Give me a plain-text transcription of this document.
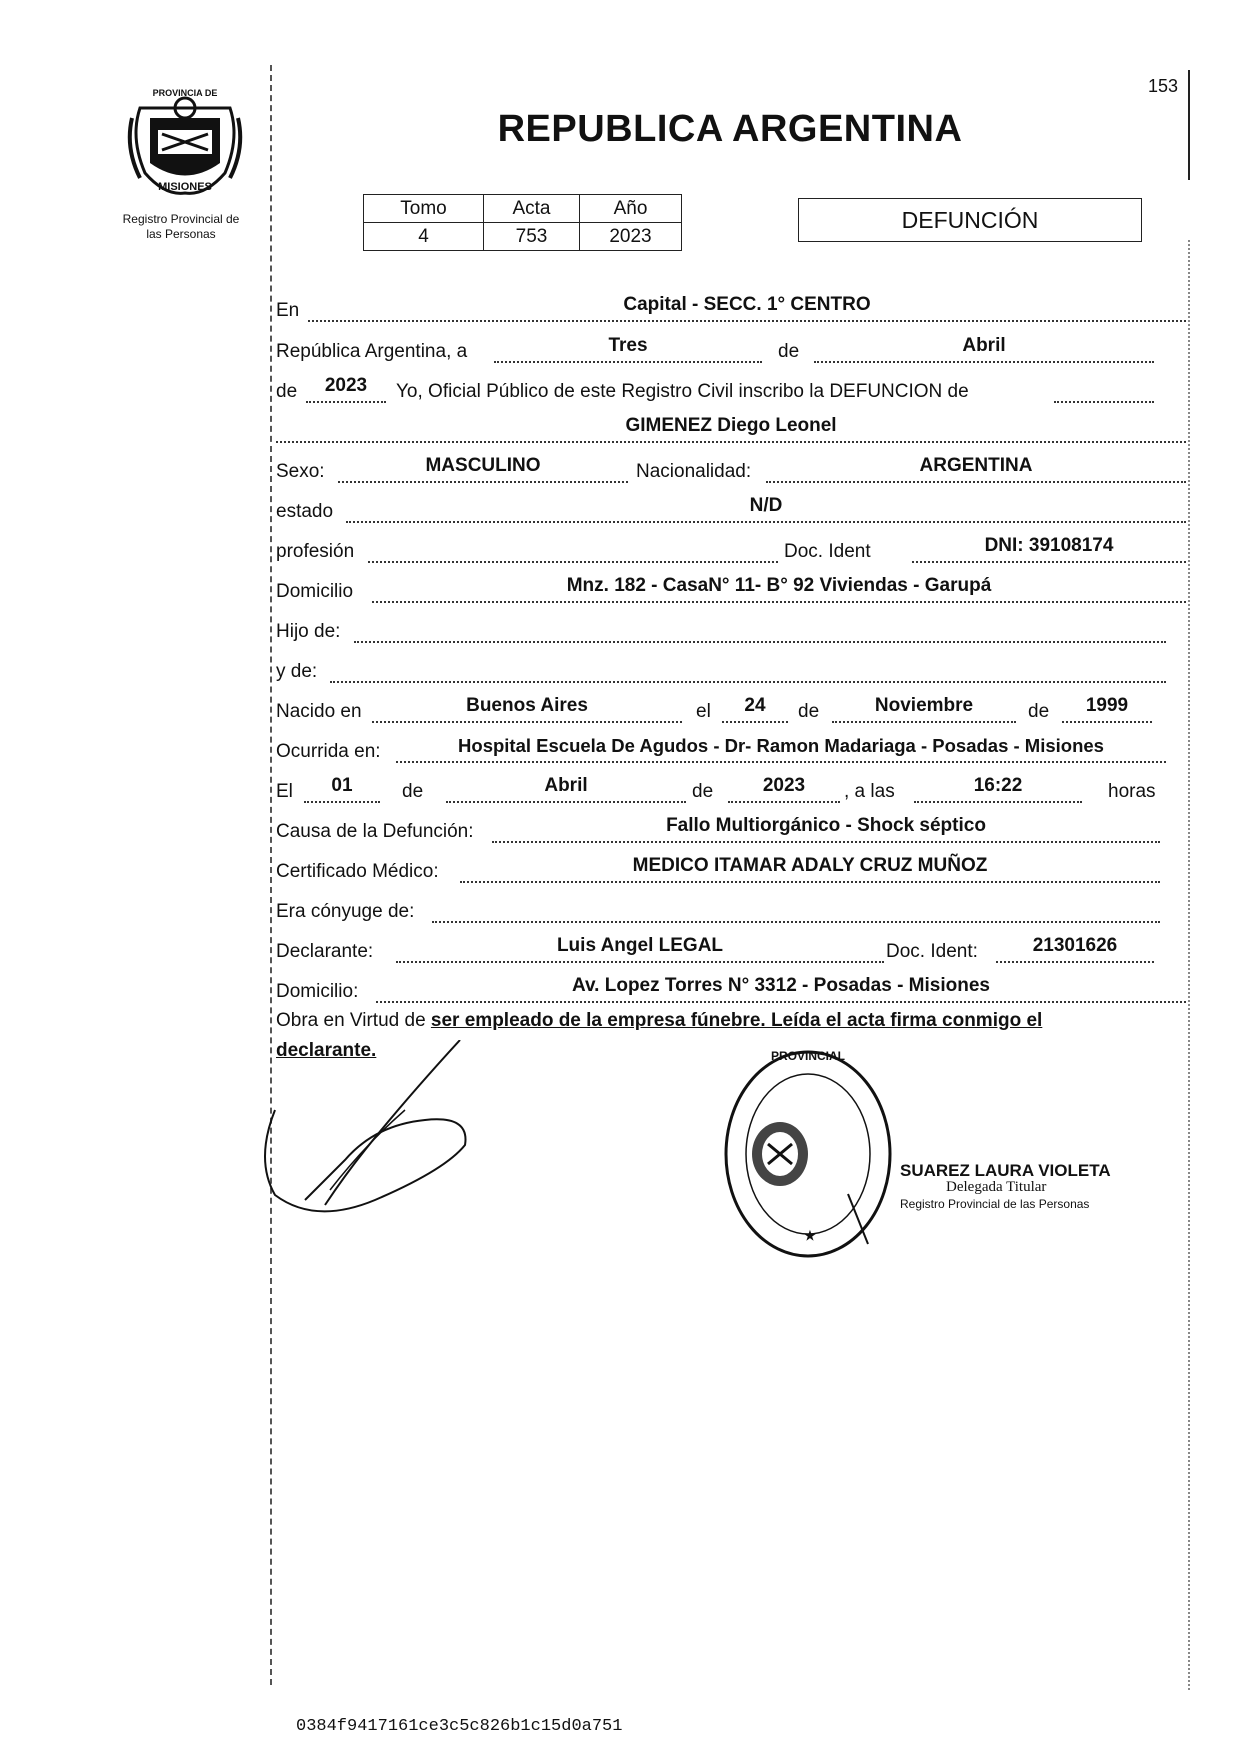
153
PROVINCIA DE
MISIONES
Registro Provincial de
las Personas
REPUBLICA ARGENTINA
Tomo	Acta	Año
4	753	2023
DEFUNCIÓN
En	Capital - SECC. 1° CENTRO
República Argentina, a	Tres	de	Abril
de	2023	Yo, Oficial Público de este Registro Civil inscribo la DEFUNCION de
GIMENEZ Diego Leonel
Sexo:	MASCULINO	Nacionalidad:	ARGENTINA
estado	N/D
profesión	Doc. Ident	DNI: 39108174
Domicilio	Mnz. 182 - CasaN° 11- B° 92 Viviendas - Garupá
Hijo de:
y de:
Nacido en	Buenos Aires	el	24	de	Noviembre	de	1999
Ocurrida en:	Hospital Escuela De Agudos - Dr- Ramon Madariaga - Posadas - Misiones
El	01	de	Abril	de	2023	, a las	16:22	horas
Causa de la Defunción:	Fallo Multiorgánico - Shock séptico
Certificado Médico:	MEDICO ITAMAR ADALY CRUZ MUÑOZ
Era cónyuge de:
Declarante:	Luis Angel LEGAL	Doc. Ident:	21301626
Domicilio:	Av. Lopez Torres N° 3312 - Posadas - Misiones
Obra en Virtud de ser empleado de la empresa fúnebre. Leída el acta firma conmigo el
declarante.	PROVINCIAL
★
SUAREZ LAURA VIOLETA
Delegada Titular
Registro Provincial de las Personas
0384f9417161ce3c5c826b1c15d0a751
